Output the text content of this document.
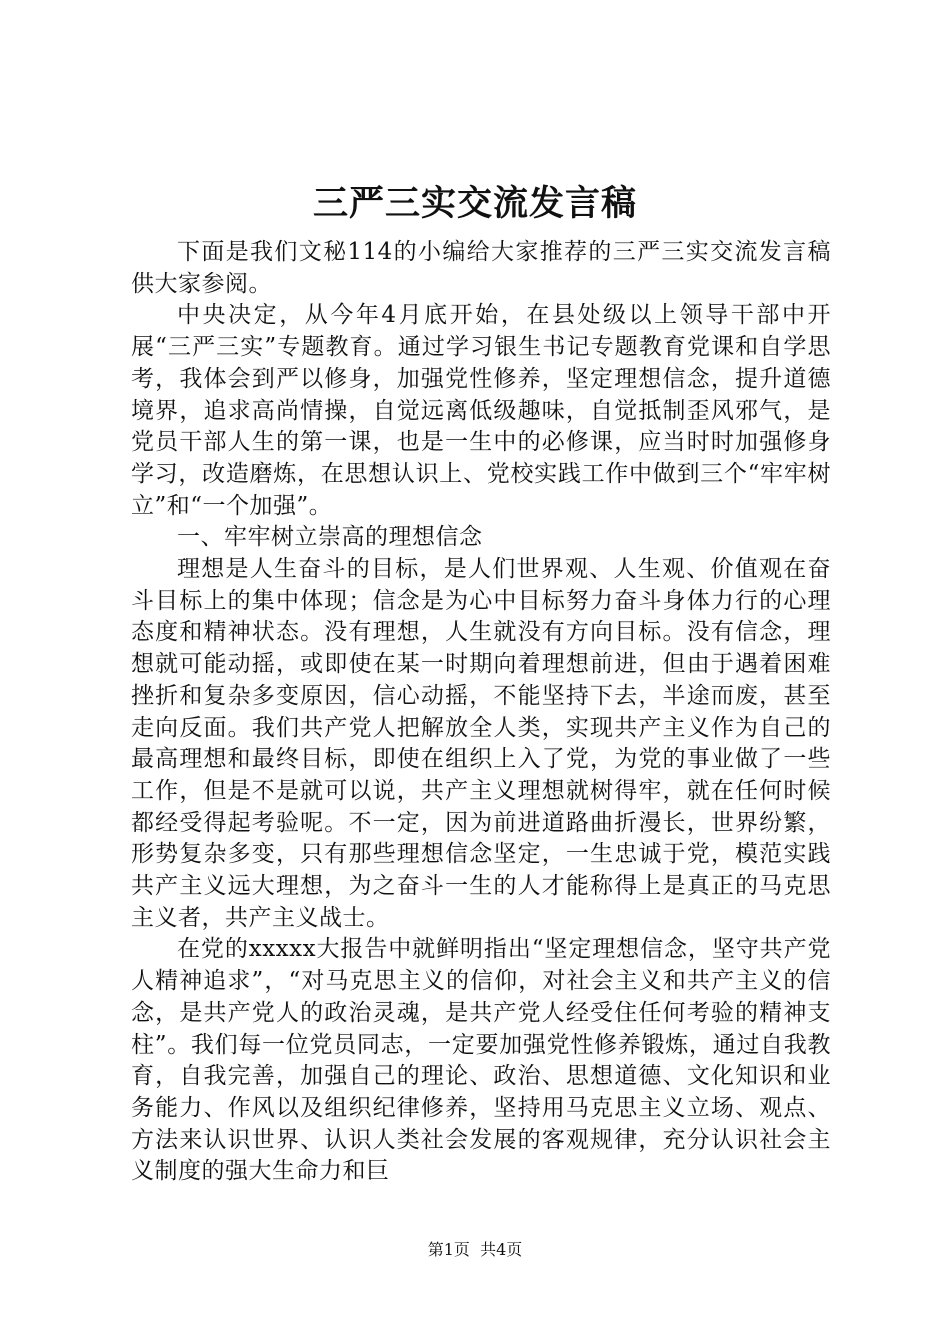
三严三实交流发言稿

下面是我们文秘114的小编给大家推荐的三严三实交流发言稿供大家参阅。

中央决定，从今年4月底开始，在县处级以上领导干部中开展“三严三实”专题教育。通过学习银生书记专题教育党课和自学思考，我体会到严以修身，加强党性修养，坚定理想信念，提升道德境界，追求高尚情操，自觉远离低级趣味，自觉抵制歪风邪气，是党员干部人生的第一课，也是一生中的必修课，应当时时加强修身学习，改造磨炼，在思想认识上、党校实践工作中做到三个“牢牢树立”和“一个加强”。

一、牢牢树立崇高的理想信念

理想是人生奋斗的目标，是人们世界观、人生观、价值观在奋斗目标上的集中体现；信念是为心中目标努力奋斗身体力行的心理态度和精神状态。没有理想，人生就没有方向目标。没有信念，理想就可能动摇，或即使在某一时期向着理想前进，但由于遇着困难挫折和复杂多变原因，信心动摇，不能坚持下去，半途而废，甚至走向反面。我们共产党人把解放全人类，实现共产主义作为自己的最高理想和最终目标，即使在组织上入了党，为党的事业做了一些工作，但是不是就可以说，共产主义理想就树得牢，就在任何时候都经受得起考验呢。不一定，因为前进道路曲折漫长，世界纷繁，形势复杂多变，只有那些理想信念坚定，一生忠诚于党，模范实践共产主义远大理想，为之奋斗一生的人才能称得上是真正的马克思主义者，共产主义战士。

在党的xxxxx大报告中就鲜明指出“坚定理想信念，坚守共产党人精神追求”，“对马克思主义的信仰，对社会主义和共产主义的信念，是共产党人的政治灵魂，是共产党人经受住任何考验的精神支柱”。我们每一位党员同志，一定要加强党性修养锻炼，通过自我教育，自我完善，加强自己的理论、政治、思想道德、文化知识和业务能力、作风以及组织纪律修养，坚持用马克思主义立场、观点、方法来认识世界、认识人类社会发展的客观规律，充分认识社会主义制度的强大生命力和巨

第1页 共4页
